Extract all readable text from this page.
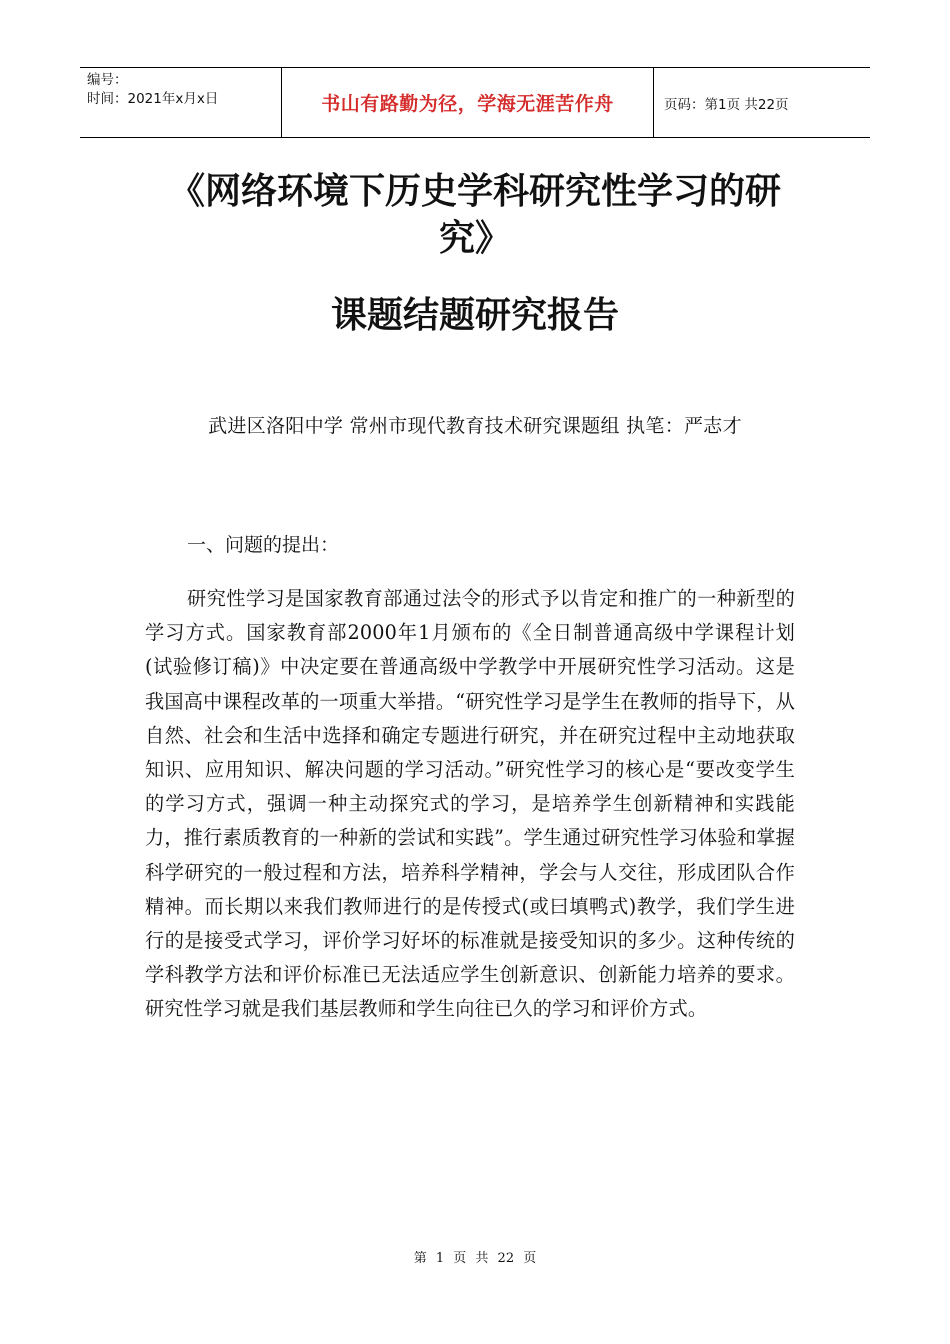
编号：
时间：2021年x月x日	书山有路勤为径，学海无涯苦作舟	页码：第1页 共22页
《网络环境下历史学科研究性学习的研
究》
课题结题研究报告
武进区洛阳中学 常州市现代教育技术研究课题组 执笔：严志才
一、问题的提出：
研究性学习是国家教育部通过法令的形式予以肯定和推广的一种新型的学习方式。国家教育部2000年1月颁布的《全日制普通高级中学课程计划(试验修订稿)》中决定要在普通高级中学教学中开展研究性学习活动。这是我国高中课程改革的一项重大举措。“研究性学习是学生在教师的指导下，从自然、社会和生活中选择和确定专题进行研究，并在研究过程中主动地获取知识、应用知识、解决问题的学习活动。”研究性学习的核心是“要改变学生的学习方式，强调一种主动探究式的学习，是培养学生创新精神和实践能力，推行素质教育的一种新的尝试和实践”。学生通过研究性学习体验和掌握科学研究的一般过程和方法，培养科学精神，学会与人交往，形成团队合作精神。而长期以来我们教师进行的是传授式(或曰填鸭式)教学，我们学生进行的是接受式学习，评价学习好坏的标准就是接受知识的多少。这种传统的学科教学方法和评价标准已无法适应学生创新意识、创新能力培养的要求。研究性学习就是我们基层教师和学生向往已久的学习和评价方式。
第 1 页 共 22 页
